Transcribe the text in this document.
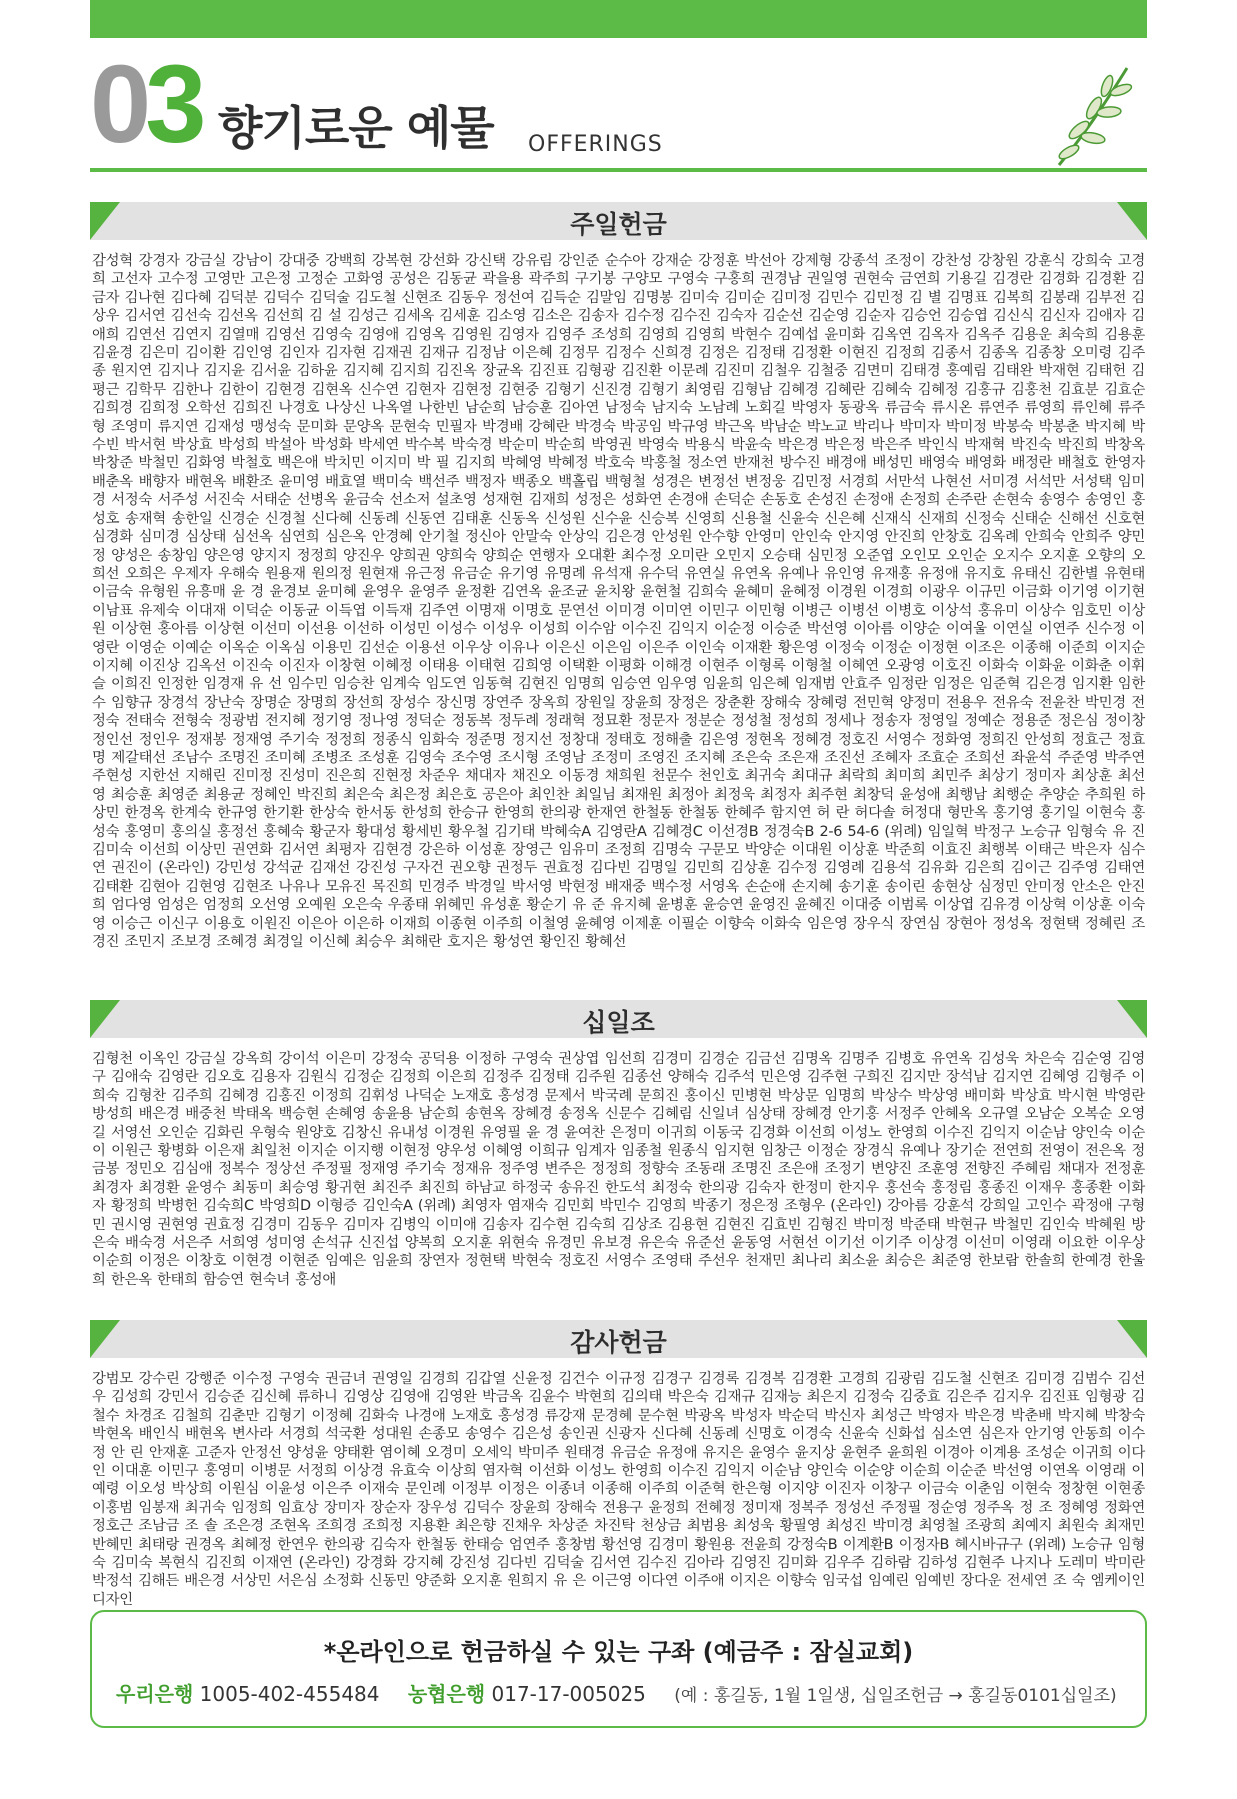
03 향기로운 예물 OFFERINGS
주일헌금
감성혁 강경자 강금실 강남이 강대중 강백희 강복현 강선화 강신택 강유림 강인준 순수아 강재순 강정훈 박선아 강제형 강종석 조정이 강찬성 강창원 강훈식 강희숙 고경희 고선자 고수정 고영만 고은정 고정순 고화영 공성은 김동균 곽을용 곽주희 구기봉 구양모 구영숙 구홍희 권경남 권일영 권현숙 금연희 기용길 김경란 김경화 김경환 김금자 김나현 김다혜 김덕분 김덕수 김덕술 김도철 신현조 김동우 정선여 김득순 김말임 김명봉 김미숙 김미순 김미정 김민수 김민정 김 별 김명표 김복희 김봉래 김부전 김상우 김서연 김선숙 김선옥 김선희 김 설 김성근 김세옥 김세훈 김소영 김소은 김송자 김수정 김수진 김숙자 김순선 김순영 김순자 김승언 김승엽 김신식 김신자 김애자 김애희 김연선 김연지 김열매 김영선 김영숙 김영애 김영옥 김영원 김영자 김영주 조성희 김영희 김영희 박현수 김예섭 윤미화 김옥연 김옥자 김옥주 김용운 최숙희 김용훈 김윤경 김은미 김이환 김인영 김인자 김자현 김재권 김재규 김정남 이은혜 김정무 김정수 신희경 김정은 김정태 김정환 이현진 김정희 김종서 김종옥 김종창 오미령 김주종 원지연 김지나 김지윤 김서윤 김하윤 김지혜 김지희 김진옥 장균옥 김진표 김형광 김진환 이문례 김진미 김철우 김철중 김면미 김태경 홍예림 김태완 박재현 김태헌 김평근 김학무 김한나 김한이 김현경 김현옥 신수연 김현자 김현정 김현중 김형기 신진경 김형기 최영림 김형남 김혜경 김혜란 김혜숙 김혜정 김홍규 김홍천 김효분 김효순 김희경 김희정 오학선 김희진 나경호 나상신 나옥열 나한빈 남순희 남승훈 김아연 남정숙 남지숙 노남례 노회길 박영자 동광옥 류금숙 류시온 류연주 류영희 류인혜 류주형 조영미 류지연 김재성 맹성숙 문미화 문양옥 문현숙 민필자 박경배 강혜란 박경숙 박공임 박규영 박근옥 박남순 박노교 박리나 박미자 박미정 박봉숙 박봉춘 박지혜 박수빈 박서현 박상효 박성희 박설아 박성화 박세연 박수복 박숙경 박순미 박순희 박영권 박영숙 박용식 박윤숙 박은경 박은정 박은주 박인식 박재혁 박진숙 박진희 박창옥 박창준 박철민 김화영 박철호 백은애 박치민 이지미 박 필 김지희 박혜영 박혜정 박호숙 박홍철 정소연 반재천 방수진 배경애 배성민 배영숙 배영화 배정란 배철호 한영자 배춘옥 배향자 배현옥 배환조 윤미영 배효열 백미숙 백선주 백정자 백종오 백홀립 백형철 성경은 변정선 변정웅 김민정 서경희 서만석 나현선 서미경 서석만 서성택 임미경 서정숙 서주성 서진숙 서태순 선병옥 윤금숙 선소저 설초영 성재현 김재희 성정은 성화연 손경애 손덕순 손동호 손성진 손정애 손정희 손주란 손현숙 송영수 송영인 홍성호 송재혁 송한일 신경순 신경철 신다혜 신동례 신동연 김태훈 신동옥 신성원 신수윤 신승복 신영희 신용철 신윤숙 신은혜 신재식 신재희 신정숙 신태순 신해선 신호현 심경화 심미경 심상태 심선옥 심연희 심은옥 안경혜 안기철 정신아 안말숙 안상익 김은경 안성원 안수향 안영미 안인숙 안지영 안진희 안창호 김옥례 안희숙 안희주 양민정 양성은 송창임 양은영 양지지 정정희 양진우 양희권 양희숙 양희순 연행자 오대환 최수정 오미란 오민지 오승태 심민정 오준엽 오인모 오인순 오지수 오지훈 오향의 오희선 오희은 우제자 우해숙 원용재 원의정 원현재 유근정 유금순 유기영 유명례 유석재 유수덕 유연실 유연옥 유예나 유인영 유재홍 유정애 유지호 유태신 김한별 유현태 이금숙 유형원 유흥매 윤 경 윤경보 윤미혜 윤영우 윤영주 윤정환 김연옥 윤조균 윤치왕 윤현철 김희숙 윤혜미 윤혜정 이경원 이경희 이광우 이규민 이금화 이기영 이기현 이남표 유제숙 이대재 이덕순 이동균 이득엽 이득재 김주연 이명재 이명호 문연선 이미경 이미연 이민구 이민형 이병근 이병선 이병호 이상석 홍유미 이상수 임호민 이상원 이상현 홍아름 이상현 이선미 이선용 이선하 이성민 이성수 이성우 이성희 이수암 이수진 김익지 이순정 이승준 박선영 이아름 이양순 이여울 이연실 이연주 신수정 이영란 이영순 이예순 이옥순 이옥심 이용민 김선순 이용선 이우상 이유나 이은신 이은임 이은주 이인숙 이재환 황은영 이정숙 이정순 이정현 이조은 이종해 이준희 이지순 이지혜 이진상 김옥선 이진숙 이진자 이창현 이혜정 이태용 이태현 김희영 이택환 이평화 이해경 이현주 이형록 이형철 이혜연 오광영 이호진 이화숙 이화윤 이화춘 이휘슬 이희진 인정한 임경재 유 선 임수민 임승찬 임계숙 임도연 임동혁 김현진 임명희 임승연 임우영 임윤희 임은혜 임재범 안효주 임정란 임정은 임준혁 김은경 임지환 임한수 임향규 장경석 장난숙 장명순 장명희 장선희 장성수 장신명 장연주 장옥희 장원일 장윤희 장정은 장춘환 장해숙 장혜령 전민혁 양정미 전용우 전유숙 전윤찬 박민경 전정숙 전태숙 전형숙 정광범 전지혜 정기영 정나영 정덕순 정동복 정두례 정래혁 정묘환 정문자 정분순 정성철 정성희 정세나 정송자 정영일 정예순 정용준 정은심 정이창 정인선 정인우 정재봉 정재영 주기숙 정정희 정종식 임화숙 정준명 정지선 정창대 정태호 정해출 김은영 정현옥 정혜경 정호진 서영수 정화영 정희진 안성희 정효근 정효명 제갈태선 조남수 조명진 조미혜 조병조 조성훈 김영숙 조수영 조시형 조영남 조정미 조영진 조지혜 조은숙 조은재 조진선 조혜자 조효순 조희선 좌윤석 주준영 박주연 주현성 지한선 지해린 진미정 진성미 진은희 진현정 차준우 채대자 채진오 이동경 채희원 천문수 천인호 최귀숙 최대규 최락희 최미희 최민주 최상기 정미자 최상훈 최선영 최승훈 최영준 최용균 정혜인 박진희 최은숙 최은정 최은호 공은아 최인찬 최일님 최재원 최정아 최정욱 최정자 최주현 최창덕 윤성애 최행남 최행순 추양순 추희원 하상민 한경옥 한계숙 한규영 한기환 한상숙 한서동 한성희 한승규 한영희 한의광 한재연 한철동 한철동 한혜주 함지연 허 란 허다솔 허정대 형만옥 홍기영 홍기일 이현숙 홍성숙 홍영미 홍의실 홍정선 홍혜숙 황군자 황대성 황세빈 황우철 김기태 박혜숙A 김영란A 김혜경C 이선경B 정경숙B 2-6 54-6 (위례) 임일혁 박정구 노승규 임형숙 유 진 김미숙 이선희 이상민 권연화 김서연 최평자 김현경 강은하 이성훈 장영근 임유미 조정희 김명숙 구문모 박양순 이대원 이상훈 박준희 이효진 최행복 이태근 박은자 심수연 권진이 (온라인) 강민성 강석균 김재선 강진성 구자건 권오향 권정두 권효정 김다빈 김명일 김민희 김상훈 김수정 김영례 김용석 김유화 김은희 김이근 김주영 김태연 김태환 김현아 김현영 김현조 나유나 모유진 목진희 민경주 박경일 박서영 박현정 배재중 백수정 서영옥 손순애 손지혜 송기훈 송이린 송현상 심정민 안미정 안소은 안진희 엄다영 엄성은 엄정희 오선영 오예원 오은숙 우종태 위혜민 유성훈 황순기 유 준 유지혜 윤병훈 윤승연 윤영진 윤혜진 이대중 이범록 이상엽 김유경 이상혁 이상훈 이숙영 이승근 이신구 이용호 이원진 이은아 이은하 이재희 이종현 이주희 이철영 윤혜영 이제훈 이필순 이향숙 이화숙 임은영 장우식 장연심 장현아 정성옥 정현택 정혜린 조경진 조민지 조보경 조혜경 최경일 이신혜 최승우 최해란 호지은 황성연 황인진 황혜선
십일조
김형천 이옥인 강금실 강옥희 강이석 이은미 강정숙 공덕용 이정하 구영숙 권상엽 임선희 김경미 김경순 김금선 김명옥 김명주 김병호 유연옥 김성욱 차은숙 김순영 김영구 김애숙 김영란 김오호 김용자 김원식 김정순 김정희 이은희 김정주 김정태 김주원 김종선 양해숙 김주석 민은영 김주현 구희진 김지만 장석남 김지연 김혜영 김형주 이희숙 김형찬 김주희 김혜경 김홍진 이정희 김휘성 나덕순 노재호 홍성경 문제서 박국례 문희진 홍이신 민병현 박상문 임명희 박상수 박상영 배미화 박상효 박시현 박영란 방성희 배은경 배중천 박태옥 백승현 손혜영 송윤용 남순희 송현옥 장혜경 송정옥 신문수 김혜림 신일녀 심상태 장혜경 안기홍 서정주 안혜옥 오규열 오남순 오복순 오영길 서영선 오인순 김화린 우형숙 원양호 김창신 유내성 이경원 유영필 윤 경 윤여찬 은정미 이귀희 이동국 김경화 이선희 이성노 한영희 이수진 김익지 이순남 양인숙 이순이 이원근 황병화 이은재 최일천 이지순 이지행 이현정 양우성 이혜영 이희규 임계자 임종철 원종식 임지현 임창근 이정순 장경식 유예나 장기순 전연희 전영이 전은옥 정금봉 정민오 김심애 정복수 정상선 주정필 정재영 주기숙 정재유 정주영 변주은 정정희 정향숙 조동래 조명진 조은애 조정기 변양진 조훈영 전향진 주혜림 채대자 전정훈 최경자 최경환 윤영수 최동미 최승영 황귀현 최진주 최진희 하남교 하정국 송유진 한도석 최정숙 한의광 김숙자 한정미 한지우 홍선숙 홍정림 홍종진 이재우 홍종환 이화자 황정희 박병헌 김숙희C 박영희D 이형증 김인숙A (위례) 최영자 염재숙 김민회 박민수 김영희 박종기 정은정 조형우 (온라인) 강아름 강훈석 강희일 고인수 곽정애 구형민 권시영 권현영 권효정 김경미 김동우 김미자 김병익 이미애 김송자 김수현 김숙희 김상조 김용현 김현진 김효빈 김형진 박미정 박준태 박현규 박철민 김인숙 박혜원 방은숙 배숙경 서은주 서희영 성미영 손석규 신진섭 양복희 오지훈 위현숙 유경민 유보경 유은숙 유준선 윤동영 서현선 이기선 이기주 이상경 이선미 이영래 이요한 이우상 이순희 이정은 이창호 이현경 이현준 임예은 임윤희 장연자 정현택 박현숙 정호진 서영수 조영태 주선우 천재민 최나리 최소윤 최승은 최준영 한보람 한솔희 한예경 한울희 한은옥 한태희 함승연 현숙녀 홍성애
감사헌금
강범모 강수린 강행준 이수정 구영숙 권금녀 권영일 김경희 김갑열 신윤정 김건수 이규정 김경구 김경록 김경복 김경환 고경희 김광림 김도철 신현조 김미경 김범수 김선우 김성희 강민서 김승준 김신혜 류하니 김영상 김영애 김영완 박금옥 김윤수 박현희 김의태 박은숙 김재규 김재능 최은지 김정숙 김중효 김은주 김지우 김진표 임형광 김철수 차경조 김철희 김춘만 김형기 이정혜 김화숙 나경애 노재호 홍성경 류강재 문경혜 문수현 박광옥 박성자 박순덕 박신자 최성근 박영자 박은경 박춘배 박지혜 박창숙 박현옥 배인식 배현옥 변사라 서경희 석국환 성대원 손종모 송영수 김은성 송인권 신광자 신다혜 신동례 신명호 이경숙 신윤숙 신화섭 심소연 심은자 안기영 안동희 이수정 안 린 안재훈 고준자 안정선 양성윤 양태환 염이혜 오경미 오세익 박미주 원태경 유금순 유정애 유지은 윤영수 윤지상 윤현주 윤희원 이경아 이계용 조성순 이귀희 이다인 이대훈 이민구 홍영미 이병문 서정희 이상경 유효숙 이상희 염자혁 이선화 이성노 한영희 이수진 김익지 이순남 양인숙 이순양 이순희 이순준 박선영 이연옥 이영래 이예령 이오성 박상희 이원심 이윤성 이은주 이재숙 문인례 이정부 이정은 이종녀 이종해 이주희 이준혁 한은형 이지양 이진자 이창구 이금숙 이춘임 이현숙 정창현 이현종 이홍범 임봉재 최귀숙 임정희 임효상 장미자 장순자 장우성 김덕수 장윤희 장해숙 전용구 윤정희 전혜정 정미재 정복주 정성선 주정필 정순영 정주옥 정 조 정혜영 정화연 정호근 조남금 조 솔 조은경 조현옥 조희경 조희정 지용환 최은향 진채우 차상준 차진탁 천상금 최범용 최성욱 황필영 최성진 박미경 최영철 조광희 최예지 최원숙 최재민 반혜민 최태랑 권경옥 최혜정 한연우 한의광 김숙자 한철동 한태승 엄연주 홍창범 황선영 김경미 황원용 전윤희 강정숙B 이계환B 이정자B 혜시바규구 (위례) 노승규 임형숙 김미숙 복현식 김진희 이재연 (온라인) 강경화 강지혜 강진성 김다빈 김덕술 김서연 김수진 김아라 김영진 김미화 김우주 김하람 김하성 김현주 나지나 도레미 박미란 박정석 김해든 배은경 서상민 서은심 소정화 신동민 양준화 오지훈 원희지 유 은 이근영 이다연 이주애 이지은 이향숙 임국섭 임예린 임예빈 장다운 전세연 조 숙 엠케이인디자인
*온라인으로 헌금하실 수 있는 구좌 (예금주 : 잠실교회)
우리은행 1005-402-455484 농협은행 017-17-005025 (예 : 홍길동, 1월 1일생, 십일조헌금 → 홍길동0101십일조)
